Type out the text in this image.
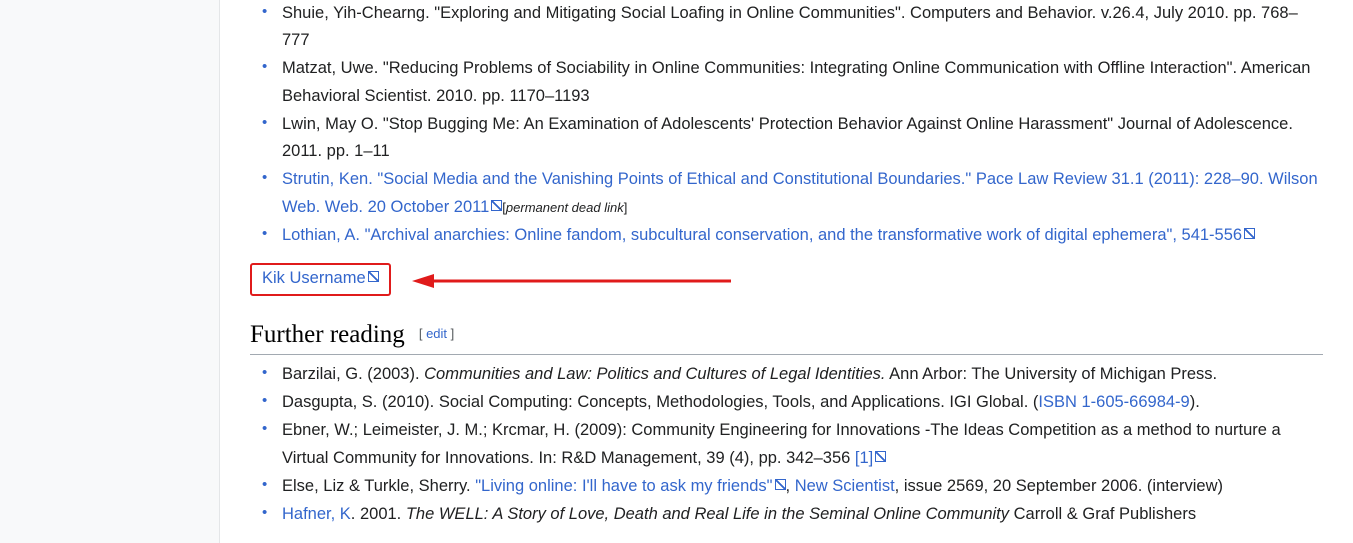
• Shuie, Yih-Chearng. "Exploring and Mitigating Social Loafing in Online Communities". Computers and Behavior. v.26.4, July 2010. pp. 768–777
• Matzat, Uwe. "Reducing Problems of Sociability in Online Communities: Integrating Online Communication with Offline Interaction". American Behavioral Scientist. 2010. pp. 1170–1193
• Lwin, May O. "Stop Bugging Me: An Examination of Adolescents' Protection Behavior Against Online Harassment" Journal of Adolescence. 2011. pp. 1–11
• Strutin, Ken. "Social Media and the Vanishing Points of Ethical and Constitutional Boundaries." Pace Law Review 31.1 (2011): 228–90. Wilson Web. Web. 20 October 2011 [permanent dead link]
• Lothian, A. "Archival anarchies: Online fandom, subcultural conservation, and the transformative work of digital ephemera", 541-556
Kik Username
Further reading [ edit ]
• Barzilai, G. (2003). Communities and Law: Politics and Cultures of Legal Identities. Ann Arbor: The University of Michigan Press.
• Dasgupta, S. (2010). Social Computing: Concepts, Methodologies, Tools, and Applications. IGI Global. (ISBN 1-605-66984-9).
• Ebner, W.; Leimeister, J. M.; Krcmar, H. (2009): Community Engineering for Innovations -The Ideas Competition as a method to nurture a Virtual Community for Innovations. In: R&D Management, 39 (4), pp. 342–356 [1]
• Else, Liz & Turkle, Sherry. "Living online: I'll have to ask my friends" , New Scientist, issue 2569, 20 September 2006. (interview)
• Hafner, K. 2001. The WELL: A Story of Love, Death and Real Life in the Seminal Online Community Carroll & Graf Publishers
